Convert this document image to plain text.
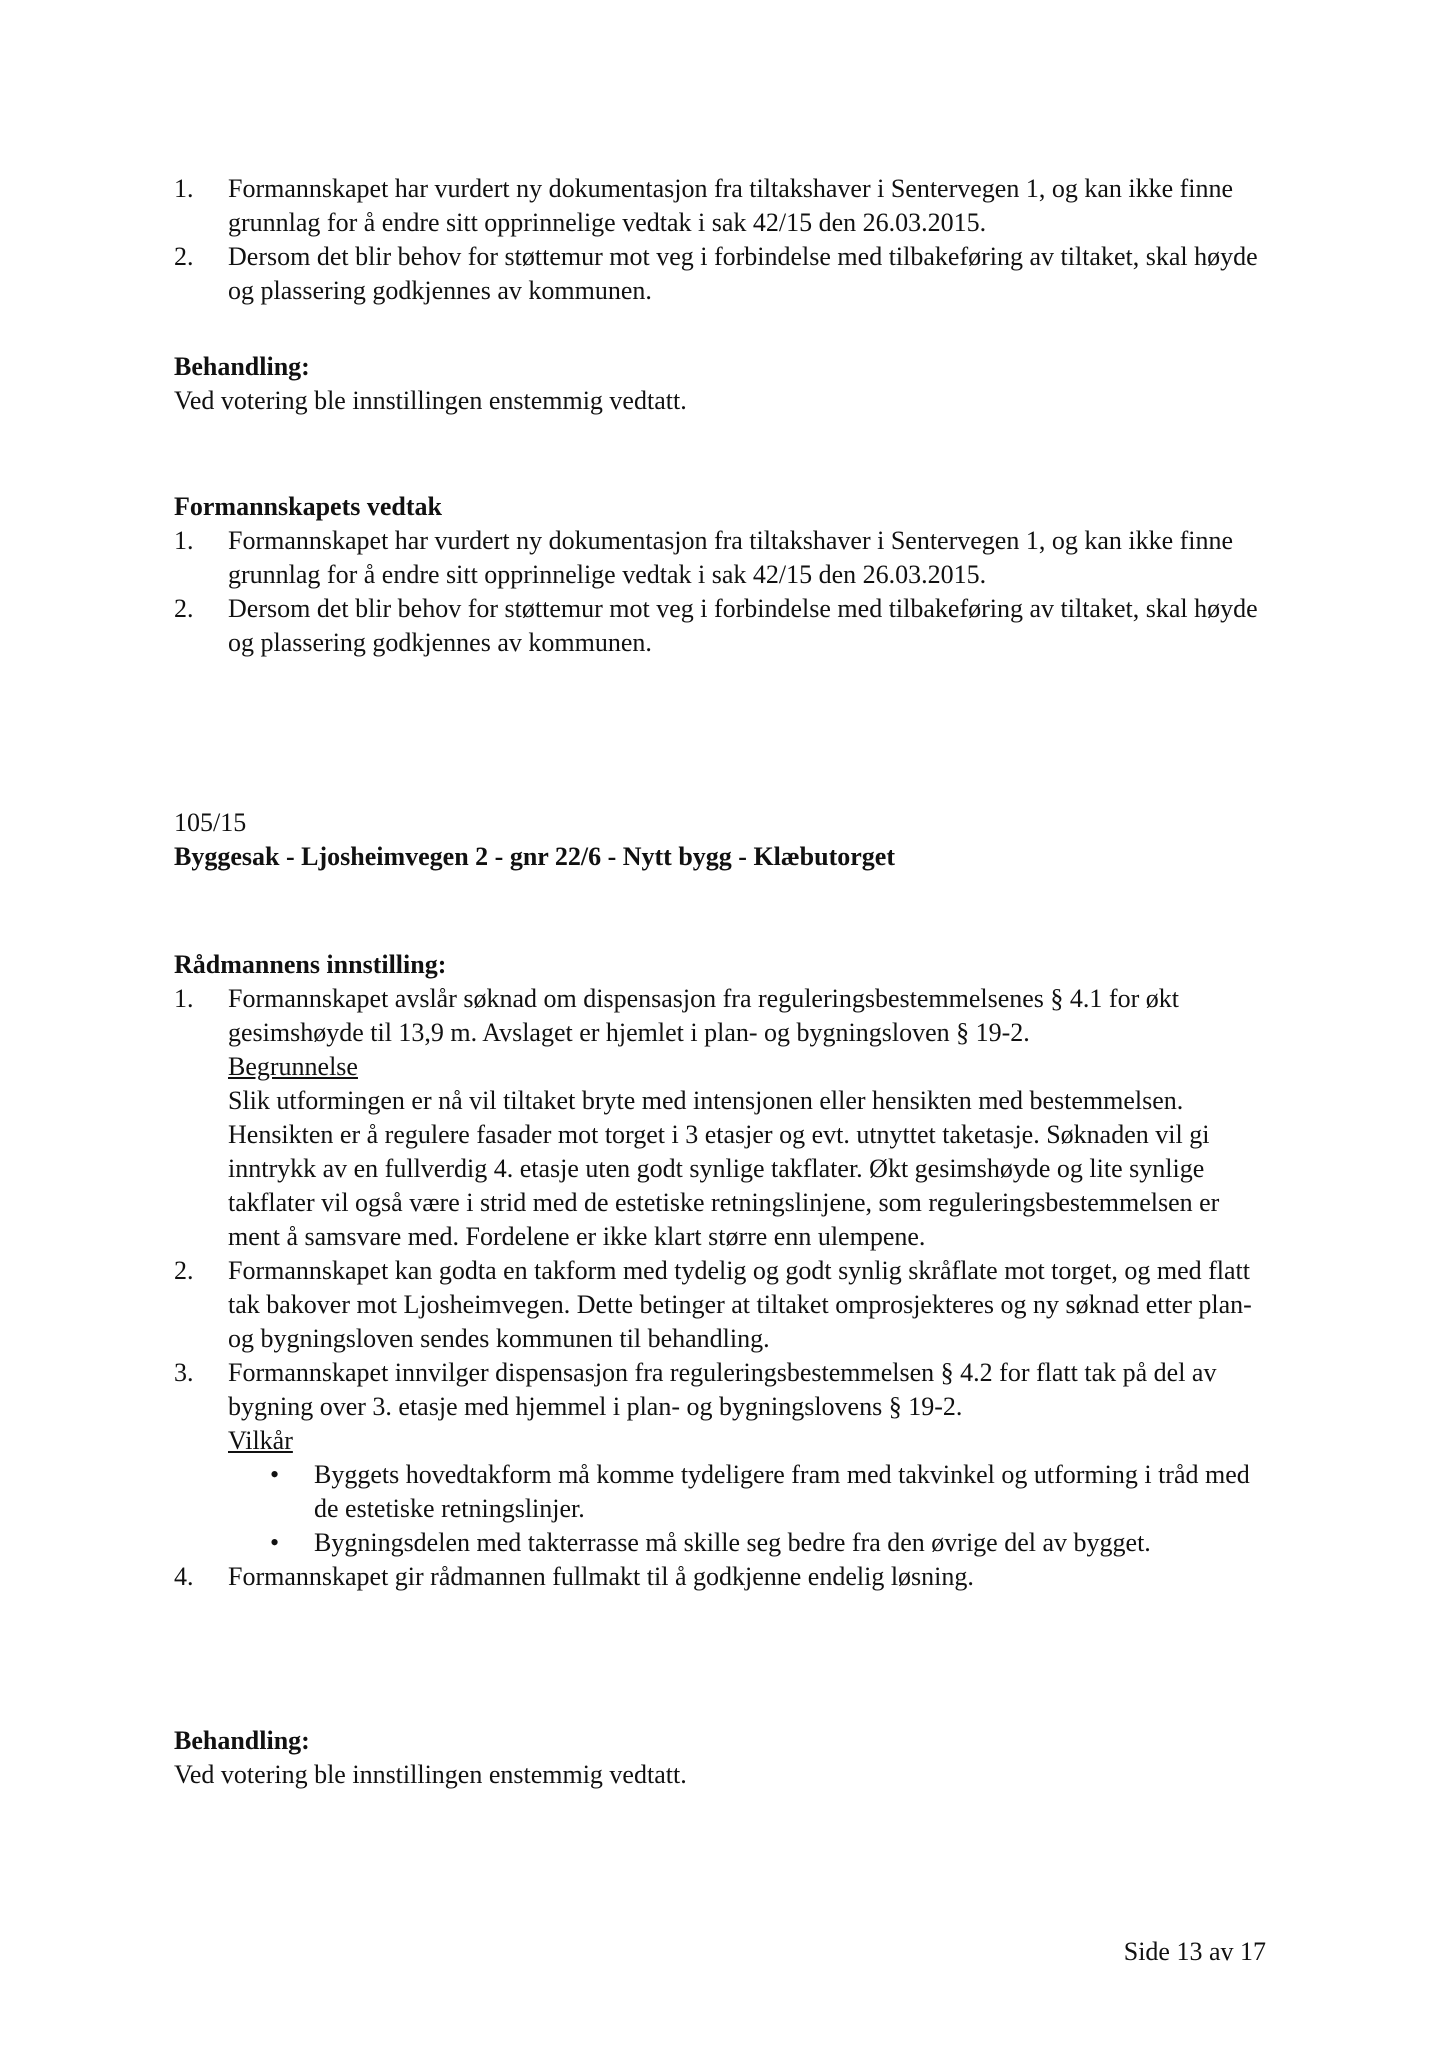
1. Formannskapet har vurdert ny dokumentasjon fra tiltakshaver i Sentervegen 1, og kan ikke finne grunnlag for å endre sitt opprinnelige vedtak i sak 42/15 den 26.03.2015.

2. Dersom det blir behov for støttemur mot veg i forbindelse med tilbakeføring av tiltaket, skal høyde og plassering godkjennes av kommunen.

Behandling:

Ved votering ble innstillingen enstemmig vedtatt.

Formannskapets vedtak

1. Formannskapet har vurdert ny dokumentasjon fra tiltakshaver i Sentervegen 1, og kan ikke finne grunnlag for å endre sitt opprinnelige vedtak i sak 42/15 den 26.03.2015.

2. Dersom det blir behov for støttemur mot veg i forbindelse med tilbakeføring av tiltaket, skal høyde og plassering godkjennes av kommunen.

105/15

Byggesak - Ljosheimvegen 2 - gnr 22/6 - Nytt bygg - Klæbutorget

Rådmannens innstilling:

1. Formannskapet avslår søknad om dispensasjon fra reguleringsbestemmelsenes § 4.1 for økt gesimshøyde til 13,9 m. Avslaget er hjemlet i plan- og bygningsloven § 19-2.

Begrunnelse

Slik utformingen er nå vil tiltaket bryte med intensjonen eller hensikten med bestemmelsen. Hensikten er å regulere fasader mot torget i 3 etasjer og evt. utnyttet taketasje. Søknaden vil gi inntrykk av en fullverdig 4. etasje uten godt synlige takflater. Økt gesimshøyde og lite synlige takflater vil også være i strid med de estetiske retningslinjene, som reguleringsbestemmelsen er ment å samsvare med. Fordelene er ikke klart større enn ulempene.

2. Formannskapet kan godta en takform med tydelig og godt synlig skråflate mot torget, og med flatt tak bakover mot Ljosheimvegen. Dette betinger at tiltaket omprosjekteres og ny søknad etter plan- og bygningsloven sendes kommunen til behandling.

3. Formannskapet innvilger dispensasjon fra reguleringsbestemmelsen § 4.2 for flatt tak på del av bygning over 3. etasje med hjemmel i plan- og bygningslovens § 19-2.

Vilkår

• Byggets hovedtakform må komme tydeligere fram med takvinkel og utforming i tråd med de estetiske retningslinjer.
• Bygningsdelen med takterrasse må skille seg bedre fra den øvrige del av bygget.
4. Formannskapet gir rådmannen fullmakt til å godkjenne endelig løsning.

Behandling:

Ved votering ble innstillingen enstemmig vedtatt.

Side 13 av 17
